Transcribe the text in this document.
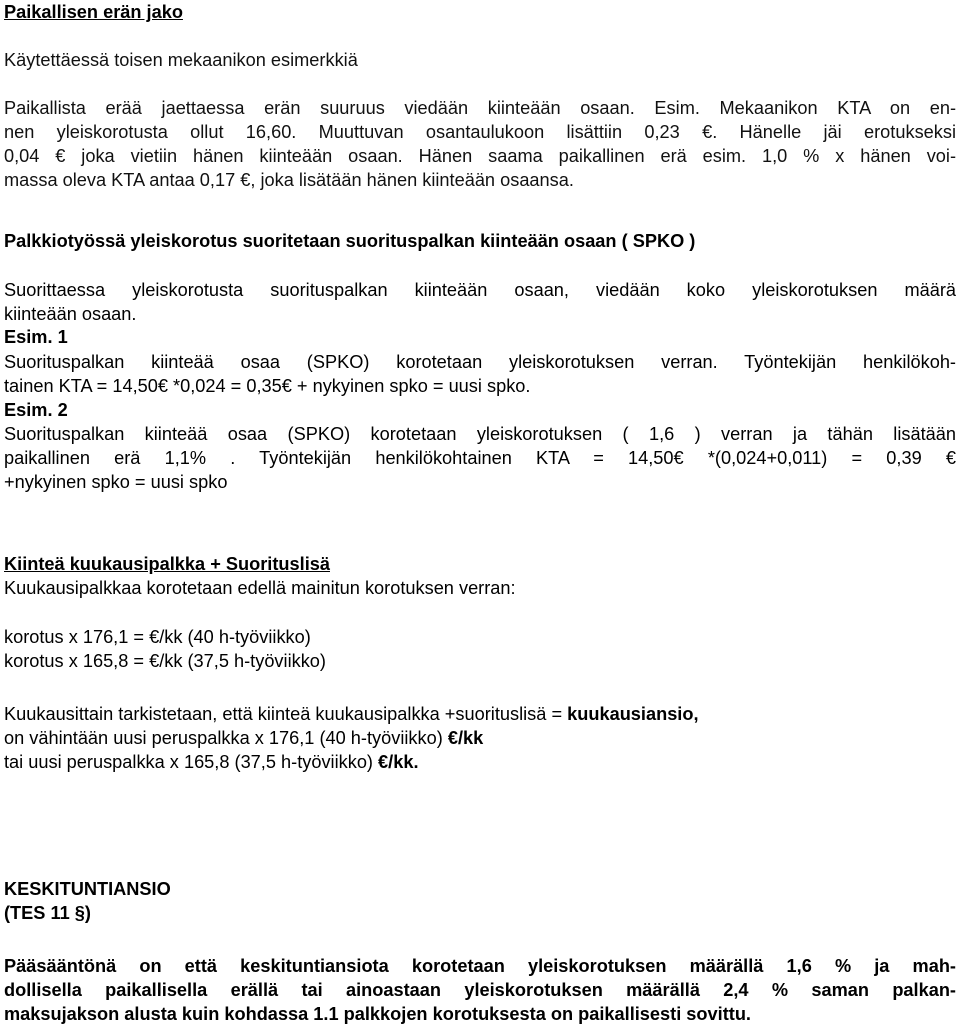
Paikallisen erän jako
Käytettäessä toisen mekaanikon esimerkkiä
Paikallista erää jaettaessa erän suuruus viedään kiinteään osaan. Esim. Mekaanikon KTA on en-
nen yleiskorotusta ollut 16,60. Muuttuvan osantaulukoon lisättiin 0,23 €. Hänelle jäi erotukseksi
0,04 € joka vietiin hänen kiinteään osaan. Hänen saama paikallinen erä esim. 1,0 % x hänen voi-
massa oleva KTA antaa 0,17 €, joka lisätään hänen kiinteään osaansa.
Palkkiotyössä yleiskorotus suoritetaan suorituspalkan kiinteään osaan ( SPKO )
Suorittaessa yleiskorotusta suorituspalkan kiinteään osaan, viedään koko yleiskorotuksen määrä
kiinteään osaan.
Esim. 1
Suorituspalkan kiinteää osaa (SPKO) korotetaan yleiskorotuksen verran. Työntekijän henkilökoh-
tainen KTA = 14,50€ *0,024 = 0,35€ + nykyinen spko = uusi spko.
Esim. 2
Suorituspalkan kiinteää osaa (SPKO) korotetaan yleiskorotuksen ( 1,6 ) verran ja tähän lisätään
paikallinen erä 1,1% . Työntekijän henkilökohtainen KTA = 14,50€ *(0,024+0,011) = 0,39 €
+nykyinen spko = uusi spko
Kiinteä kuukausipalkka + Suorituslisä
Kuukausipalkkaa korotetaan edellä mainitun korotuksen verran:
korotus x 176,1 = €/kk (40 h-työviikko)
korotus x 165,8 = €/kk (37,5 h-työviikko)
Kuukausittain tarkistetaan, että kiinteä kuukausipalkka +suorituslisä = kuukausiansio,
on vähintään uusi peruspalkka x 176,1 (40 h-työviikko) €/kk
tai uusi peruspalkka x 165,8 (37,5 h-työviikko) €/kk.
KESKITUNTIANSIO
(TES 11 §)
Pääsääntönä on että keskituntiansiota korotetaan yleiskorotuksen määrällä 1,6 % ja mah-
dollisella paikallisella erällä tai ainoastaan yleiskorotuksen määrällä 2,4 % saman palkan-
maksujakson alusta kuin kohdassa 1.1 palkkojen korotuksesta on paikallisesti sovittu.
